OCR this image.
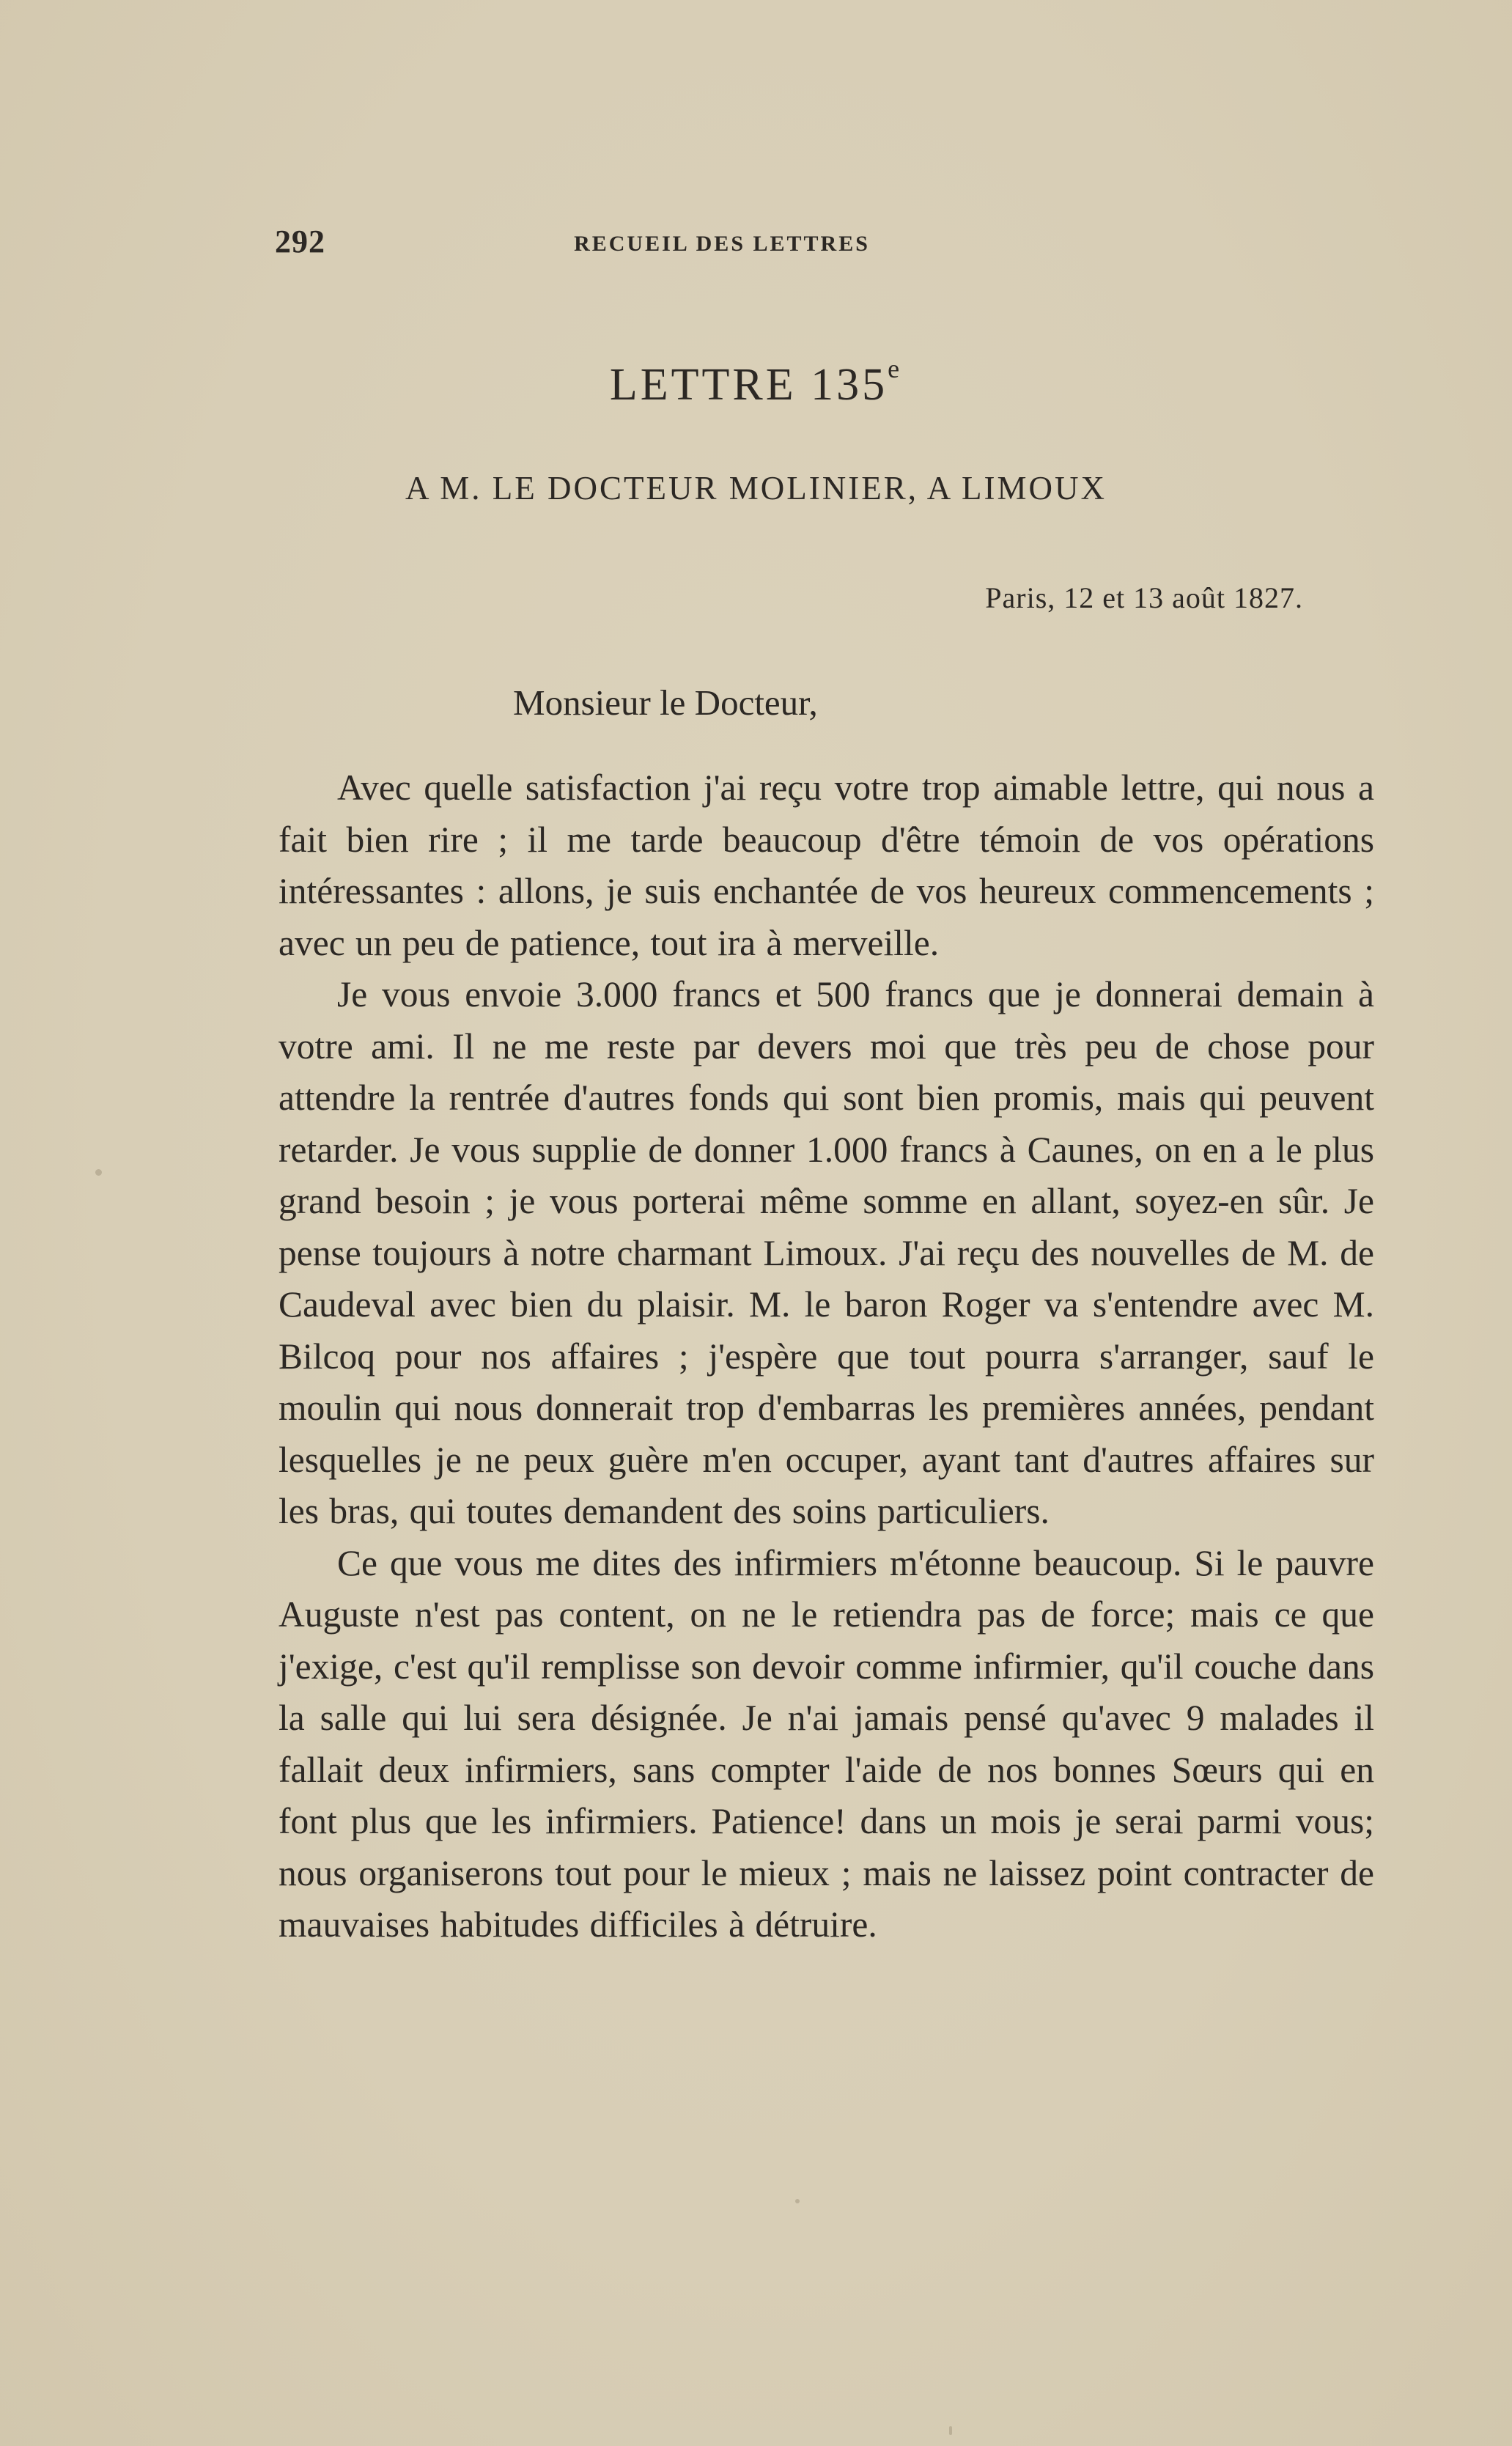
292	RECUEIL DES LETTRES
LETTRE 135e
A M. LE DOCTEUR MOLINIER, A LIMOUX
Paris, 12 et 13 août 1827.
Monsieur le Docteur,

Avec quelle satisfaction j'ai reçu votre trop aimable lettre, qui nous a fait bien rire ; il me tarde beaucoup d'être témoin de vos opérations intéressantes : allons, je suis enchantée de vos heureux commencements ; avec un peu de patience, tout ira à merveille.

Je vous envoie 3.000 francs et 500 francs que je donnerai demain à votre ami. Il ne me reste par devers moi que très peu de chose pour attendre la rentrée d'autres fonds qui sont bien promis, mais qui peuvent retarder. Je vous supplie de donner 1.000 francs à Caunes, on en a le plus grand besoin ; je vous porterai même somme en allant, soyez-en sûr. Je pense toujours à notre charmant Limoux. J'ai reçu des nouvelles de M. de Caudeval avec bien du plaisir. M. le baron Roger va s'entendre avec M. Bilcoq pour nos affaires ; j'espère que tout pourra s'arranger, sauf le moulin qui nous donnerait trop d'embarras les premières années, pendant lesquelles je ne peux guère m'en occuper, ayant tant d'autres affaires sur les bras, qui toutes demandent des soins particuliers.

Ce que vous me dites des infirmiers m'étonne beaucoup. Si le pauvre Auguste n'est pas content, on ne le retiendra pas de force; mais ce que j'exige, c'est qu'il remplisse son devoir comme infirmier, qu'il couche dans la salle qui lui sera désignée. Je n'ai jamais pensé qu'avec 9 malades il fallait deux infirmiers, sans compter l'aide de nos bonnes Sœurs qui en font plus que les infirmiers. Patience! dans un mois je serai parmi vous; nous organiserons tout pour le mieux ; mais ne laissez point contracter de mauvaises habitudes difficiles à détruire.
